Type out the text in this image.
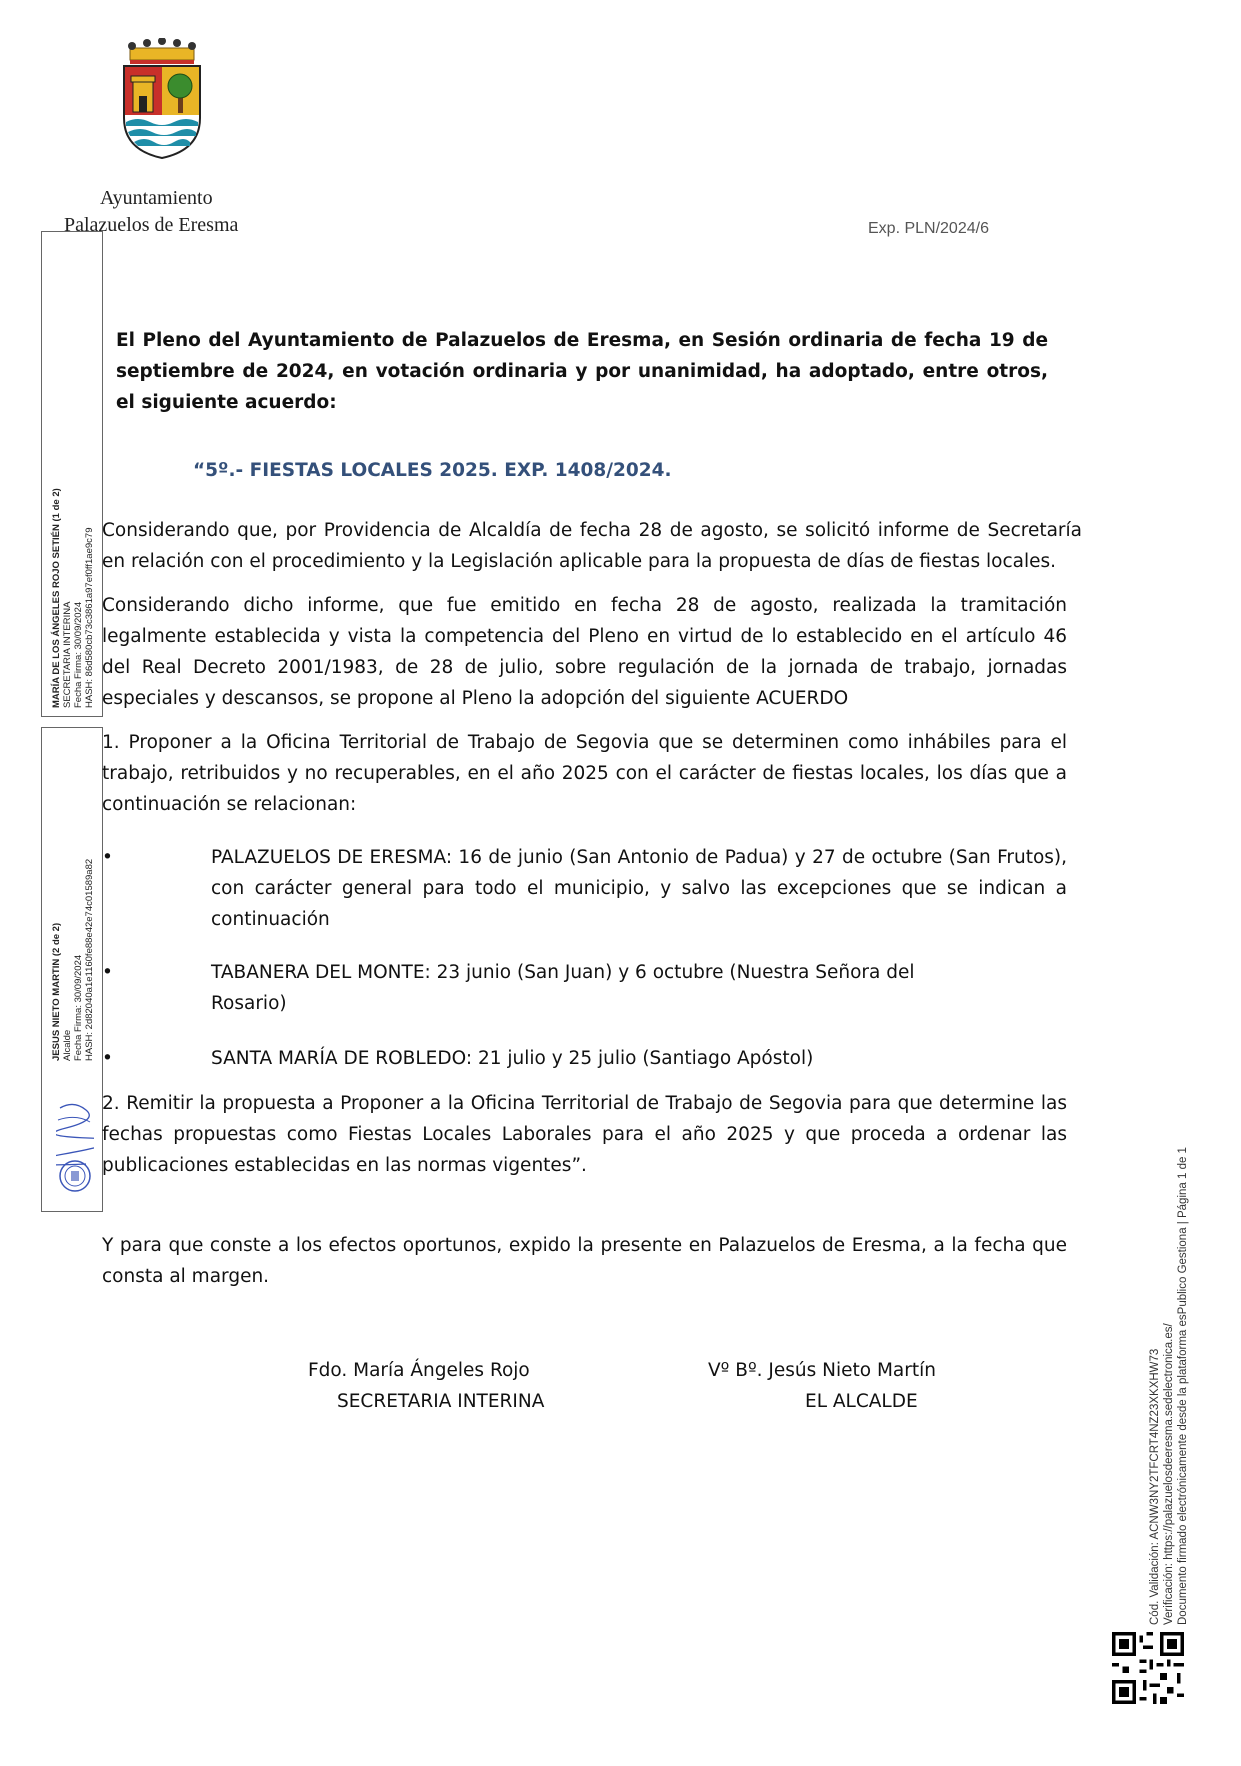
Ayuntamiento
Palazuelos de Eresma	Exp. PLN/2024/6
MARÍA DE LOS ÁNGELES ROJO SETIÉN (1 de 2) SECRETARIA INTERINA Fecha Firma: 30/09/2024 HASH: 86d580cb73c3861a97ef0ff1ae9c79
JESUS NIETO MARTIN (2 de 2) Alcalde Fecha Firma: 30/09/2024 HASH: 2d82040a1e1160fe88e42e74c01589a82
Cód. Validación: ACNW3NY2TFCRT4NZ23XKXHW73 Verificación: https://palazuelosdeeresma.sedelectronica.es/ Documento firmado electrónicamente desde la plataforma esPublico Gestiona | Página 1 de 1
El Pleno del Ayuntamiento de Palazuelos de Eresma, en Sesión ordinaria de fecha 19 de septiembre de 2024, en votación ordinaria y por unanimidad, ha adoptado, entre otros, el siguiente acuerdo:
“5º.- FIESTAS LOCALES 2025. EXP. 1408/2024.
Considerando que, por Providencia de Alcaldía de fecha 28 de agosto, se solicitó informe de Secretaría en relación con el procedimiento y la Legislación aplicable para la propuesta de días de fiestas locales.
Considerando dicho informe, que fue emitido en fecha 28 de agosto, realizada la tramitación legalmente establecida y vista la competencia del Pleno en virtud de lo establecido en el artículo 46 del Real Decreto 2001/1983, de 28 de julio, sobre regulación de la jornada de trabajo, jornadas especiales y descansos, se propone al Pleno la adopción del siguiente ACUERDO
1. Proponer a la Oficina Territorial de Trabajo de Segovia que se determinen como inhábiles para el trabajo, retribuidos y no recuperables, en el año 2025 con el carácter de fiestas locales, los días que a continuación se relacionan:
•	PALAZUELOS DE ERESMA: 16 de junio (San Antonio de Padua) y 27 de octubre (San Frutos), con carácter general para todo el municipio, y salvo las excepciones que se indican a continuación
•	TABANERA DEL MONTE: 23 junio (San Juan) y 6 octubre (Nuestra Señora del Rosario)
•	SANTA MARÍA DE ROBLEDO: 21 julio y 25 julio (Santiago Apóstol)
2. Remitir la propuesta a Proponer a la Oficina Territorial de Trabajo de Segovia para que determine las fechas propuestas como Fiestas Locales Laborales para el año 2025 y que proceda a ordenar las publicaciones establecidas en las normas vigentes”.
Y para que conste a los efectos oportunos, expido la presente en Palazuelos de Eresma, a la fecha que consta al margen.
Fdo. María Ángeles Rojo
SECRETARIA INTERINA
Vº Bº. Jesús Nieto Martín
EL ALCALDE
